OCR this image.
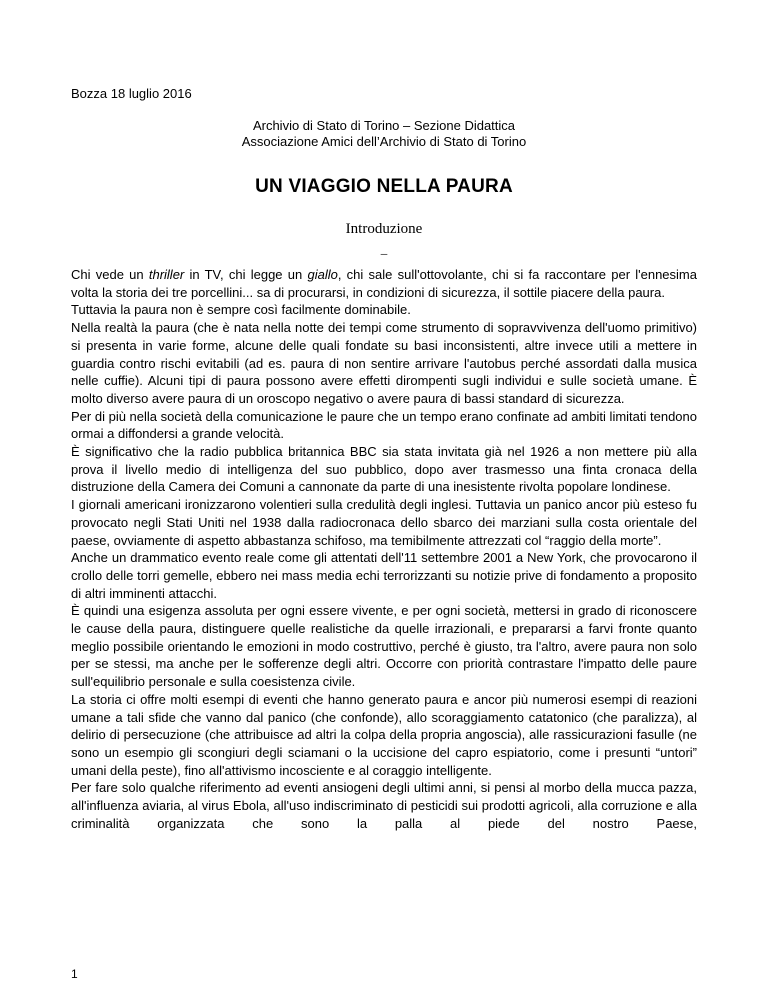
Bozza 18 luglio 2016
Archivio di Stato di Torino – Sezione Didattica
Associazione Amici dell’Archivio di Stato di Torino
UN VIAGGIO NELLA PAURA
Introduzione
_

Chi vede un thriller in TV, chi legge un giallo, chi sale sull'ottovolante, chi si fa raccontare per l'ennesima volta la storia dei tre porcellini... sa di procurarsi, in condizioni di sicurezza, il sottile piacere della paura.

Tuttavia la paura non è sempre così facilmente dominabile.

Nella realtà la paura (che è nata nella notte dei tempi come strumento di sopravvivenza dell'uomo primitivo) si presenta in varie forme, alcune delle quali fondate su basi inconsistenti, altre invece utili a mettere in guardia contro rischi evitabili (ad es. paura di non sentire arrivare l'autobus perché assordati dalla musica nelle cuffie). Alcuni tipi di paura possono avere effetti dirompenti sugli individui e sulle società umane. È molto diverso avere paura di un oroscopo negativo o avere paura di bassi standard di sicurezza.

Per di più nella società della comunicazione le paure che un tempo erano confinate ad ambiti limitati tendono ormai a diffondersi a grande velocità.

È significativo che la radio pubblica britannica BBC sia stata invitata già nel 1926 a non mettere più alla prova il livello medio di intelligenza del suo pubblico, dopo aver trasmesso una finta cronaca della distruzione della Camera dei Comuni a cannonate da parte di una inesistente rivolta popolare londinese.

I giornali americani ironizzarono volentieri sulla credulità degli inglesi. Tuttavia un panico ancor più esteso fu provocato negli Stati Uniti nel 1938 dalla radiocronaca dello sbarco dei marziani sulla costa orientale del paese, ovviamente di aspetto abbastanza schifoso, ma temibilmente attrezzati col “raggio della morte”.

Anche un drammatico evento reale come gli attentati dell'11 settembre 2001 a New York, che provocarono il crollo delle torri gemelle, ebbero nei mass media echi terrorizzanti su notizie prive di fondamento a proposito di altri imminenti attacchi.

È quindi una esigenza assoluta per ogni essere vivente, e per ogni società, mettersi in grado di riconoscere le cause della paura, distinguere quelle realistiche da quelle irrazionali, e prepararsi a farvi fronte quanto meglio possibile orientando le emozioni in modo costruttivo, perché è giusto, tra l'altro, avere paura non solo per se stessi, ma anche per le sofferenze degli altri. Occorre con priorità contrastare l'impatto delle paure sull'equilibrio personale e sulla coesistenza civile.

La storia ci offre molti esempi di eventi che hanno generato paura e ancor più numerosi esempi di reazioni umane a tali sfide che vanno dal panico (che confonde), allo scoraggiamento catatonico (che paralizza), al delirio di persecuzione (che attribuisce ad altri la colpa della propria angoscia), alle rassicurazioni fasulle (ne sono un esempio gli scongiuri degli sciamani o la uccisione del capro espiatorio, come i presunti “untori” umani della peste), fino all'attivismo incosciente e al coraggio intelligente.

Per fare solo qualche riferimento ad eventi ansiogeni degli ultimi anni, si pensi al morbo della mucca pazza, all'influenza aviaria, al virus Ebola, all'uso indiscriminato di pesticidi sui prodotti agricoli, alla corruzione e alla criminalità organizzata che sono la palla al piede del nostro Paese,

1
